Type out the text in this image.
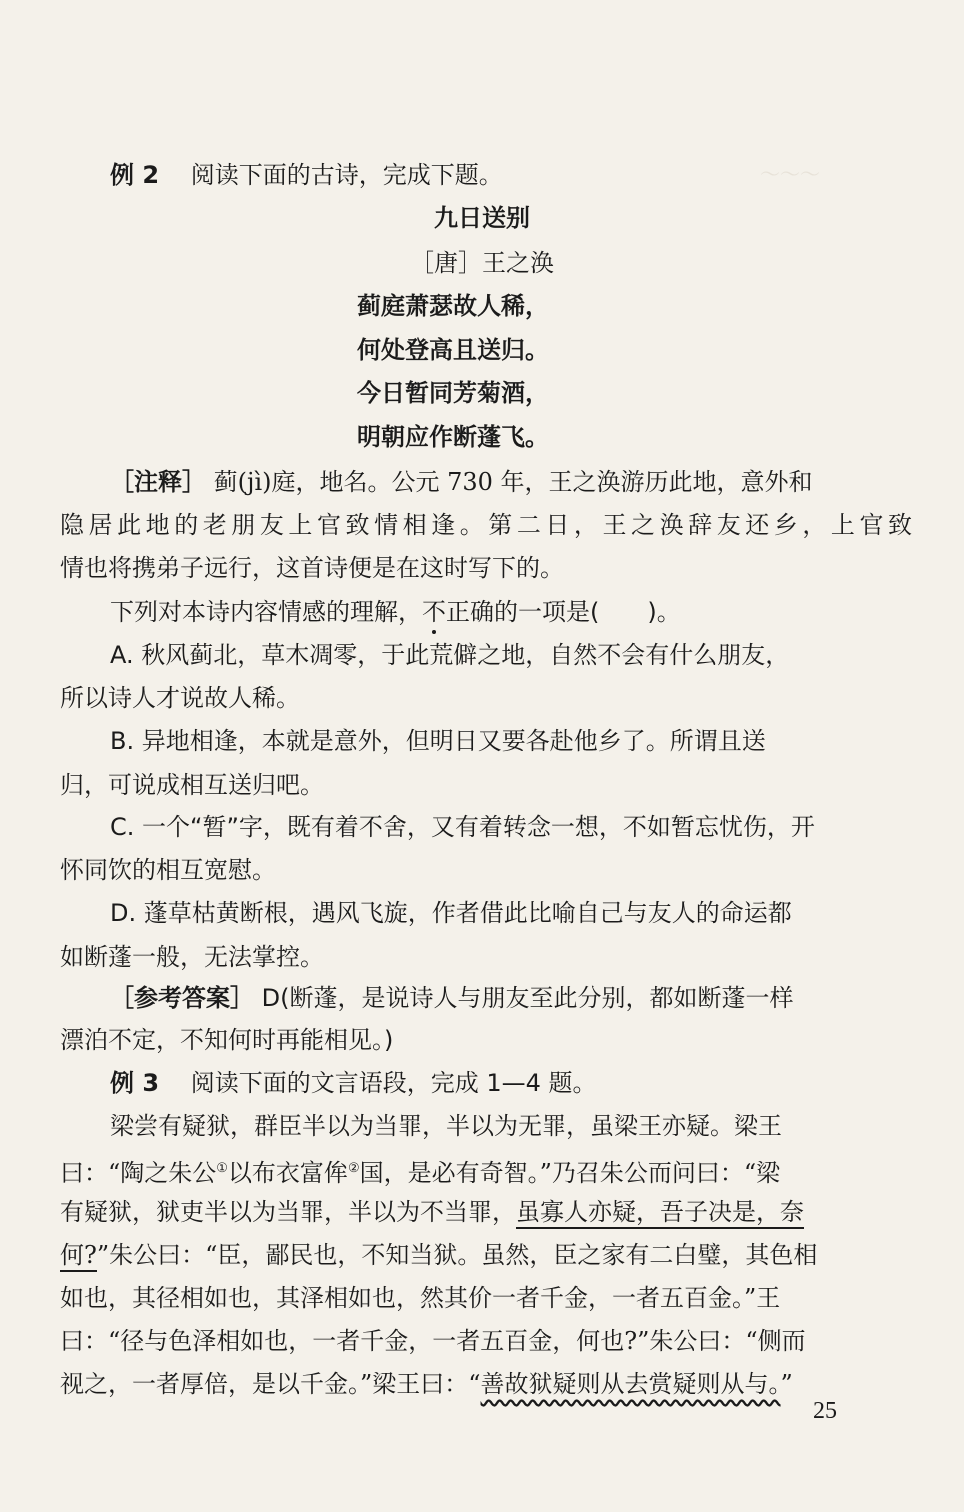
～～～
例 2　 阅读下面的古诗，完成下题。
九日送别
［唐］王之涣
蓟庭萧瑟故人稀，
何处登高且送归。
今日暂同芳菊酒，
明朝应作断蓬飞。
［注释］ 蓟(jì)庭，地名。公元 730 年，王之涣游历此地，意外和
隐居此地的老朋友上官致情相逢。第二日，王之涣辞友还乡，上官致
情也将携弟子远行，这首诗便是在这时写下的。
下列对本诗内容情感的理解，不正确的一项是(　　)。
A. 秋风蓟北，草木凋零，于此荒僻之地，自然不会有什么朋友，
所以诗人才说故人稀。
B. 异地相逢，本就是意外，但明日又要各赴他乡了。所谓且送
归，可说成相互送归吧。
C. 一个“暂”字，既有着不舍，又有着转念一想，不如暂忘忧伤，开
怀同饮的相互宽慰。
D. 蓬草枯黄断根，遇风飞旋，作者借此比喻自己与友人的命运都
如断蓬一般，无法掌控。
［参考答案］ D(断蓬，是说诗人与朋友至此分别，都如断蓬一样
漂泊不定，不知何时再能相见。)
例 3　 阅读下面的文言语段，完成 1—4 题。
梁尝有疑狱，群臣半以为当罪，半以为无罪，虽梁王亦疑。梁王
曰：“陶之朱公①以布衣富侔②国，是必有奇智。”乃召朱公而问曰：“梁
有疑狱，狱吏半以为当罪，半以为不当罪，虽寡人亦疑，吾子决是，奈
何?”朱公曰：“臣，鄙民也，不知当狱。虽然，臣之家有二白璧，其色相
如也，其径相如也，其泽相如也，然其价一者千金，一者五百金。”王
曰：“径与色泽相如也，一者千金，一者五百金，何也?”朱公曰：“侧而
视之，一者厚倍，是以千金。”梁王曰：“善故狱疑则从去赏疑则从与。”
25
